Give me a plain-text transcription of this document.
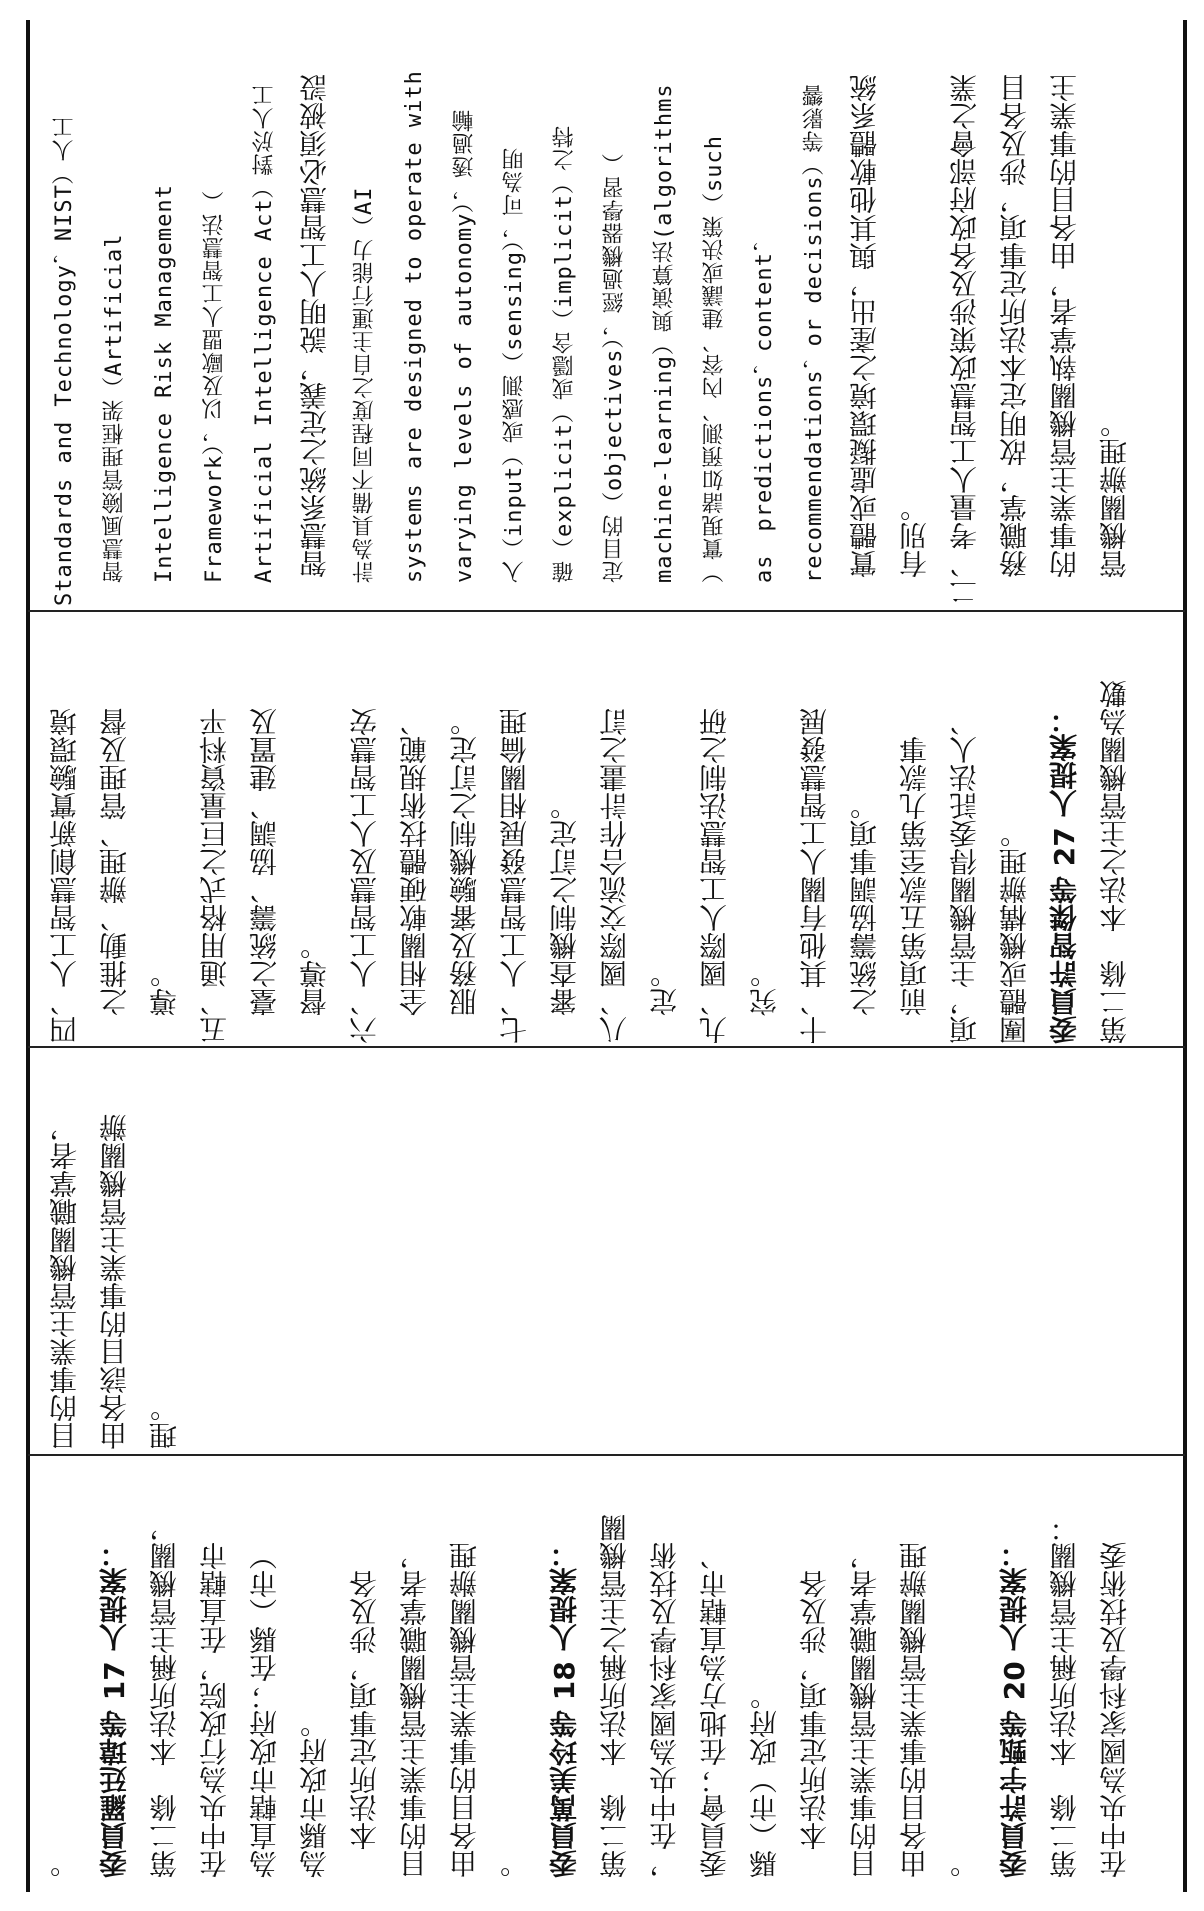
。 委員羅廷瑋等 17 人提案： 第二條　本法所稱主管機關， 在中央為行政院，在直轄市 為直轄市政府；在縣（市） 為縣市政府。 　本法所定事項，涉及各 目的事業主管機關職掌者， 由各目的事業主管機關辦理 。 委員萬美玲等 18 人提案： 第二條　本法所稱之主管機關 ，在中央為國家科學及技術 委員會；在地方為直轄市、 縣（市）政府。 　本法所定事項，涉及各 目的事業主管機關職掌者， 由各目的事業主管機關辦理 。 委員許宇甄等 20 人提案： 第二條　本法所稱主管機關： 在中央為國家科學及技術委
目的事業主管機關職掌者， 由各該目的事業主管機關辦 理。
四、人工智慧創新實驗環境 　之推動、辦理、管理及督 　導。 五、通用格式之巨量資料平 　臺之統籌、協調、建置及 　督導。 六、人工智慧及人工智慧安 　全相關軟硬體技術規範、 　服務及審驗機制之訂定。 七、人工智慧發展相關倫理 　審查機制之訂定。 八、國際交流合作計畫之訂 　定。 九、國際人工智慧法制之研 　究。 十、其他有關人工智慧發展 　之統籌協調事項。 　前項第五款至第九款事 項，主管機關得委託法人、 團體或機構辦理。 委員許智傑等 27 人提案： 第二條　本法之主管機關為數
Standards and Technology，NIST）人工	　智慧風險管理框架（Artificial	　Intelligence Risk Management	　Framework），以及歐盟人工智慧法（	　Artificial Intelligence Act）對於人工 　智慧系統之定義，說明人工智慧必須被設 　計為具備不同程度之自主運行能力（AI	　systems are designed to operate with	　varying levels of autonomy），透過輸	　入（input）或感測（sensing），可為明	　確（explicit）或隱含（implicit）之特	　定目的（objectives），經過機器學習（	　machine-learning）與演算法(algorithms	　）實現諸如預測、內容、建議或決策（such	　as　predictions，content，	　recommendations，or decisions）等影響 　實體或虛擬環境之產出，與其他軟體系統 　有別。 二、考量人工智慧政策涉及各政府部會之業 　務職掌，故明定本法所定事項，涉及各目 　的事業主管機關執掌者，由各目的事業主 　管機關辦理。
